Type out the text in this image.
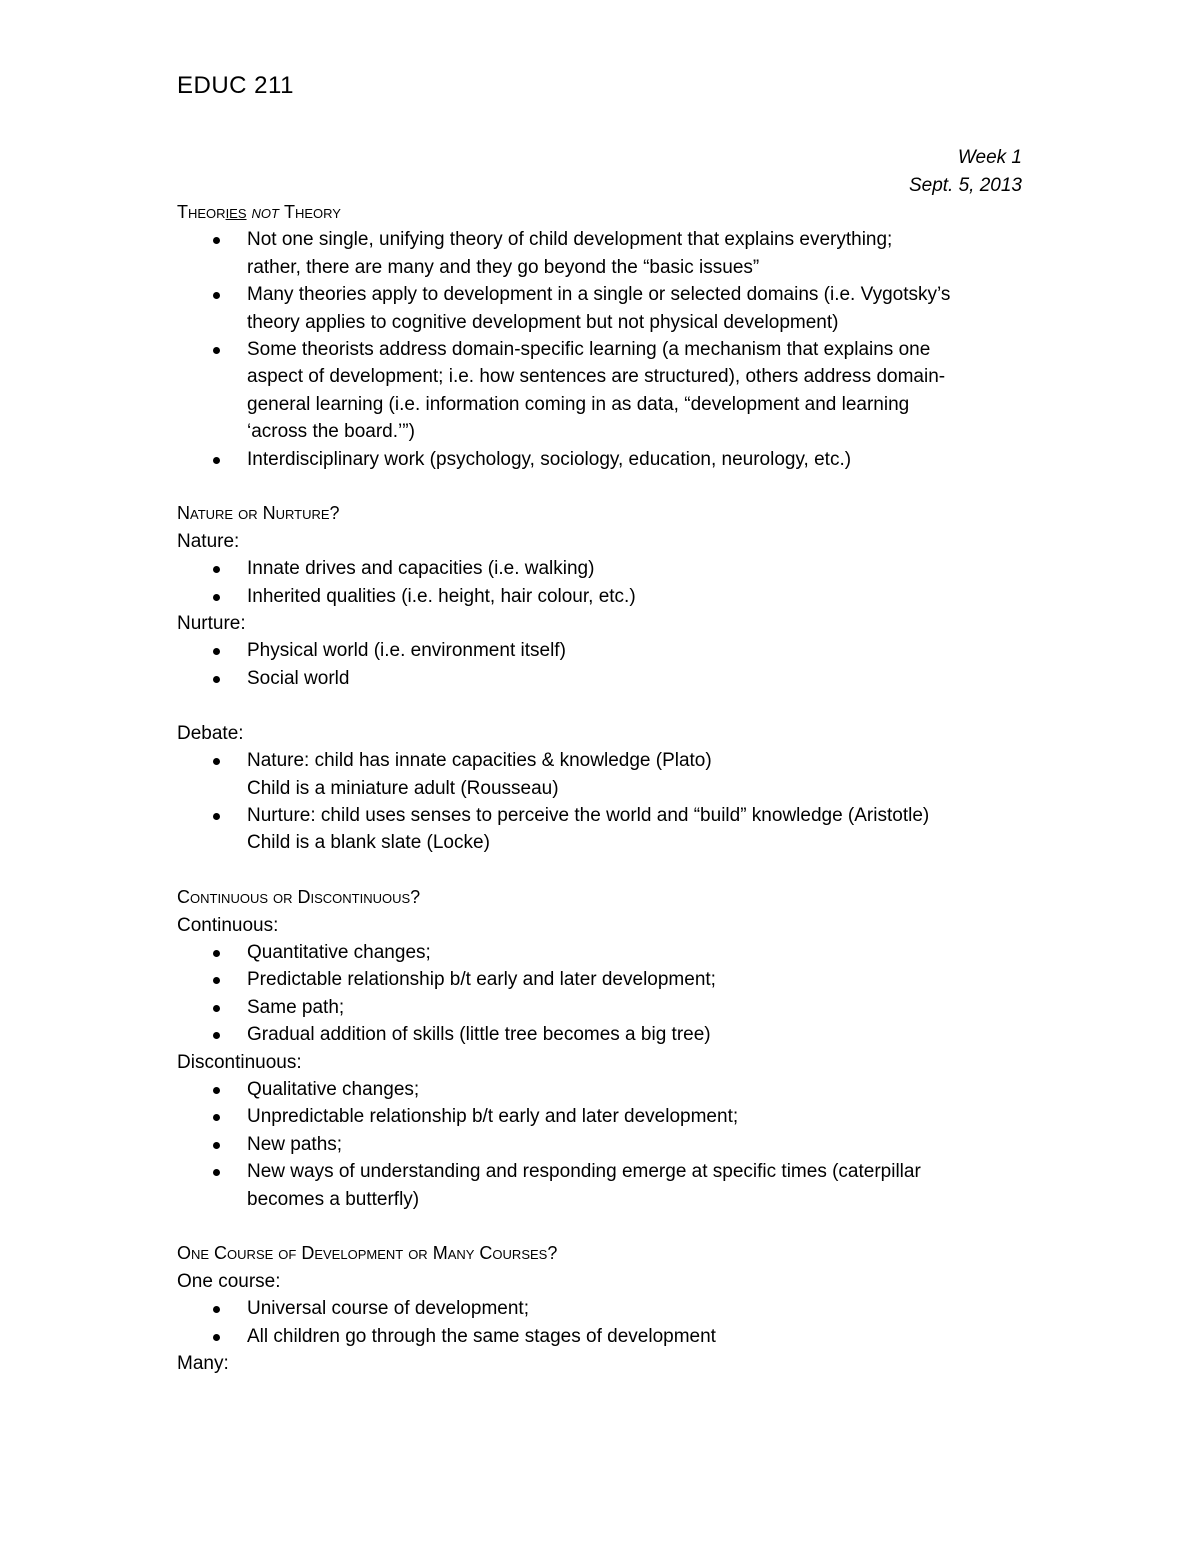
EDUC 211
Week 1
Sept. 5, 2013
Theories not Theory
Not one single, unifying theory of child development that explains everything;
rather, there are many and they go beyond the “basic issues”
Many theories apply to development in a single or selected domains (i.e. Vygotsky’s
theory applies to cognitive development but not physical development)
Some theorists address domain-specific learning (a mechanism that explains one
aspect of development; i.e. how sentences are structured), others address domain-
general learning (i.e. information coming in as data, “development and learning
‘across the board.’”)
Interdisciplinary work (psychology, sociology, education, neurology, etc.)
Nature or Nurture?
Nature:
Innate drives and capacities (i.e. walking)
Inherited qualities (i.e. height, hair colour, etc.)
Nurture:
Physical world (i.e. environment itself)
Social world
Debate:
Nature: child has innate capacities & knowledge (Plato)
Child is a miniature adult (Rousseau)
Nurture: child uses senses to perceive the world and “build” knowledge (Aristotle)
Child is a blank slate (Locke)
Continuous or Discontinuous?
Continuous:
Quantitative changes;
Predictable relationship b/t early and later development;
Same path;
Gradual addition of skills (little tree becomes a big tree)
Discontinuous:
Qualitative changes;
Unpredictable relationship b/t early and later development;
New paths;
New ways of understanding and responding emerge at specific times (caterpillar
becomes a butterfly)
One Course of Development or Many Courses?
One course:
Universal course of development;
All children go through the same stages of development
Many:
